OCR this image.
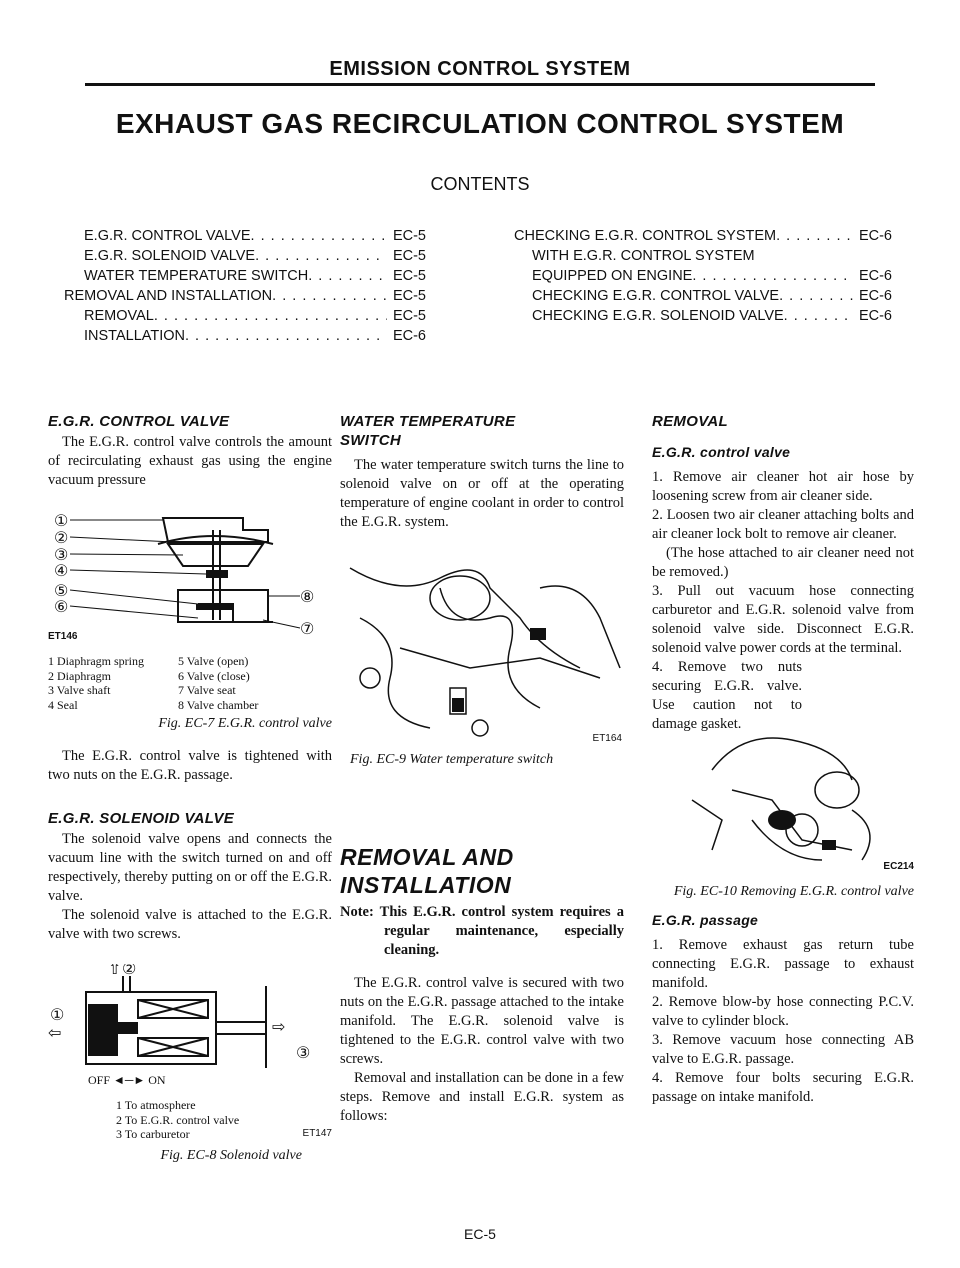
EMISSION CONTROL SYSTEM
EXHAUST GAS RECIRCULATION CONTROL SYSTEM
CONTENTS
E.G.R. CONTROL VALVE . . .	EC-5
E.G.R. SOLENOID VALVE . . .	EC-5
WATER TEMPERATURE SWITCH . . .	EC-5
REMOVAL AND INSTALLATION . . .	EC-5
REMOVAL . . .	EC-5
INSTALLATION . . .	EC-6
CHECKING E.G.R. CONTROL SYSTEM . . .	EC-6
WITH E.G.R. CONTROL SYSTEM
EQUIPPED ON ENGINE . . .	EC-6
CHECKING E.G.R. CONTROL VALVE . . .	EC-6
CHECKING E.G.R. SOLENOID VALVE . . .	EC-6
E.G.R. CONTROL VALVE

The E.G.R. control valve controls the amount of recirculating exhaust gas using the engine vacuum pressure

①
②
③
④
⑤
⑥
⑦
⑧
ET146
1 Diaphragm spring
2 Diaphragm
3 Valve shaft
4 Seal
5 Valve (open)
6 Valve (close)
7 Valve seat
8 Valve chamber
Fig. EC-7 E.G.R. control valve

The E.G.R. control valve is tightened with two nuts on the E.G.R. passage.

E.G.R. SOLENOID VALVE

The solenoid valve opens and connects the vacuum line with the switch turned on and off respectively, thereby putting on or off the E.G.R. valve.

The solenoid valve is attached to the E.G.R. valve with two screws.

①
②
③
⇦	⇨
⇧
OFF ◄─► ON
1 To atmosphere
2 To E.G.R. control valve
3 To carburetor	ET147
Fig. EC-8 Solenoid valve
WATER TEMPERATURE SWITCH

The water temperature switch turns the line to solenoid valve on or off at the operating temperature of engine coolant in order to control the E.G.R. system.

ET164
Fig. EC-9 Water temperature switch
REMOVAL AND INSTALLATION

Note: This E.G.R. control system requires a regular maintenance, especially cleaning.

The E.G.R. control valve is secured with two nuts on the E.G.R. passage attached to the intake manifold. The E.G.R. solenoid valve is tightened to the E.G.R. control valve with two screws.

Removal and installation can be done in a few steps. Remove and install E.G.R. system as follows:

REMOVAL
E.G.R. control valve

1. Remove air cleaner hot air hose by loosening screw from air cleaner side.

2. Loosen two air cleaner attaching bolts and air cleaner lock bolt to remove air cleaner.

(The hose attached to air cleaner need not be removed.)

3. Pull out vacuum hose connecting carburetor and E.G.R. solenoid valve from solenoid valve side. Disconnect E.G.R. solenoid valve power cords at the terminal.

4. Remove two nuts securing E.G.R. valve. Use caution not to damage gasket.

EC214
Fig. EC-10 Removing E.G.R. control valve
E.G.R. passage

1. Remove exhaust gas return tube connecting E.G.R. passage to exhaust manifold.

2. Remove blow-by hose connecting P.C.V. valve to cylinder block.

3. Remove vacuum hose connecting AB valve to E.G.R. passage.

4. Remove four bolts securing E.G.R. passage on intake manifold.

EC-5
